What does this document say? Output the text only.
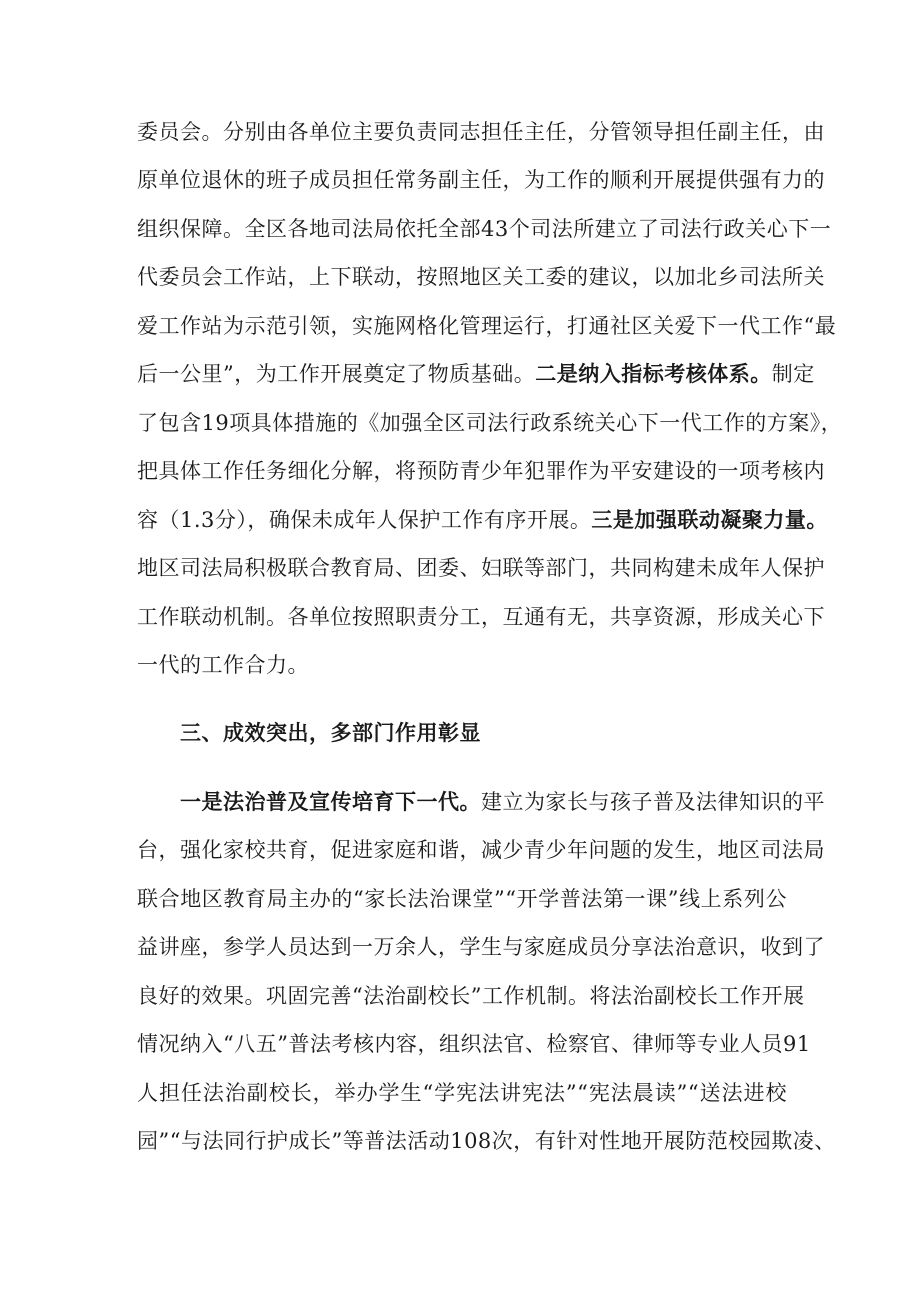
委员会。分别由各单位主要负责同志担任主任，分管领导担任副主任，由
原单位退休的班子成员担任常务副主任，为工作的顺利开展提供强有力的
组织保障。全区各地司法局依托全部43个司法所建立了司法行政关心下一
代委员会工作站，上下联动，按照地区关工委的建议，以加北乡司法所关
爱工作站为示范引领，实施网格化管理运行，打通社区关爱下一代工作“最
后一公里”，为工作开展奠定了物质基础。二是纳入指标考核体系。制定
了包含19项具体措施的《加强全区司法行政系统关心下一代工作的方案》，
把具体工作任务细化分解，将预防青少年犯罪作为平安建设的一项考核内
容（1.3分），确保未成年人保护工作有序开展。三是加强联动凝聚力量。
地区司法局积极联合教育局、团委、妇联等部门，共同构建未成年人保护
工作联动机制。各单位按照职责分工，互通有无，共享资源，形成关心下
一代的工作合力。
三、成效突出，多部门作用彰显
一是法治普及宣传培育下一代。建立为家长与孩子普及法律知识的平
台，强化家校共育，促进家庭和谐，减少青少年问题的发生，地区司法局
联合地区教育局主办的“家长法治课堂”“开学普法第一课”线上系列公
益讲座，参学人员达到一万余人，学生与家庭成员分享法治意识，收到了
良好的效果。巩固完善“法治副校长”工作机制。将法治副校长工作开展
情况纳入“八五”普法考核内容，组织法官、检察官、律师等专业人员91
人担任法治副校长，举办学生“学宪法讲宪法”“宪法晨读”“送法进校
园”“与法同行护成长”等普法活动108次，有针对性地开展防范校园欺凌、
